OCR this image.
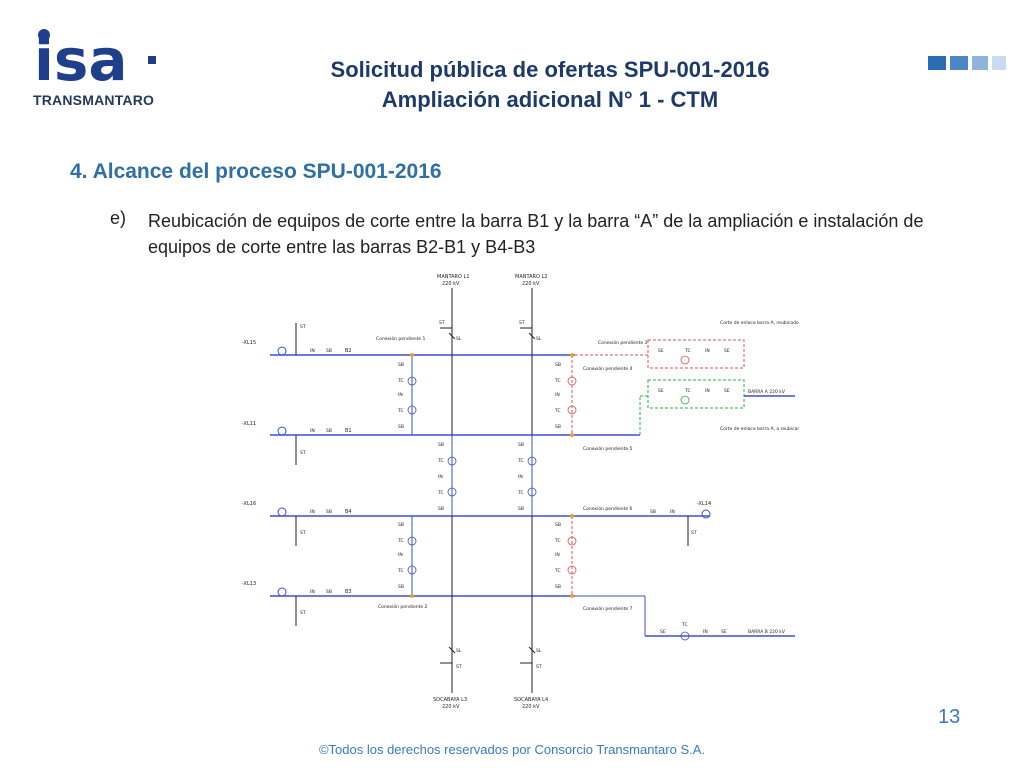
isa
TRANSMANTARO
Solicitud pública de ofertas SPU-001-2016
Ampliación adicional N° 1 - CTM
4. Alcance del proceso SPU-001-2016
e) Reubicación de equipos de corte entre la barra B1 y la barra “A” de la ampliación e instalación de equipos de corte entre las barras B2-B1 y B4-B3
B2
B1
B4
B3
MANTARO L1
220 kV
MANTARO L2
220 kV
SOCABAYA L3
220 kV
SOCABAYA L4
220 kV
ST
SL
ST
SL
SL
ST
SL
ST
-XL15
ST
IN	SB
-XL11
ST
IN	SB
-XL16
ST
IN	SB
-XL13
ST
IN	SB
-XL14
ST
SB	IN
SB
TC
IN
TC
SB
SB
TC
IN
TC
SB
SB
TC
IN
TC
SB
SB
TC
IN
TC
SB
SB
TC
IN
TC
SB
SB
TC
IN
TC
SB
Conexión pendiente 1
Conexión pendiente 2
Conexión pendiente 3
Conexión pendiente 4
Conexión pendiente 5
Conexión pendiente 6
Conexión pendiente 7
SE	TC	IN	SE
Corte de enlace barra A, reubicado
SE	TC	IN	SE	BARRA A 220 kV
Corte de enlace barra A, a reubicar
SE
TC
IN	SE	BARRA B 220 kV
13
©Todos los derechos reservados por Consorcio Transmantaro S.A.
